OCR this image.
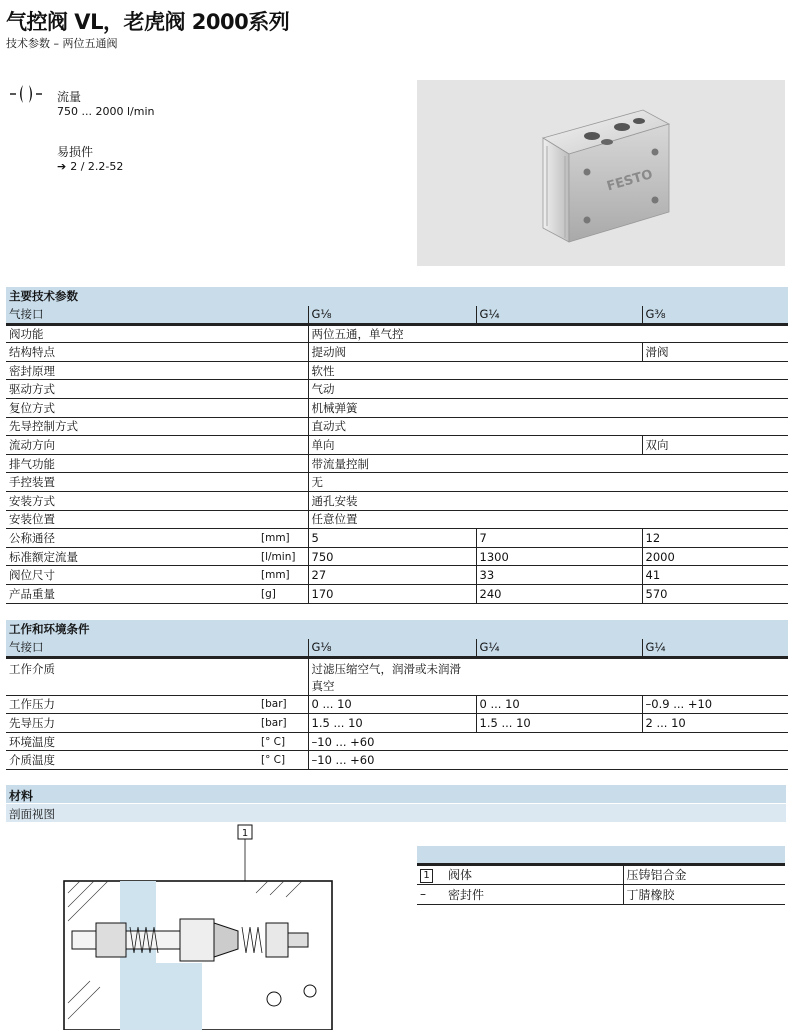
气控阀 VL，老虎阀 2000系列
技术参数 – 两位五通阀
流量
750 ... 2000 l/min
易损件
➔ 2 / 2.2-52
FESTO
主要技术参数				
气接口		G⅛	G¼	G⅜
阀功能		两位五通，单气控		
结构特点		提动阀		滑阀
密封原理		软性		
驱动方式		气动		
复位方式		机械弹簧		
先导控制方式		直动式		
流动方向		单向		双向
排气功能		带流量控制		
手控装置		无		
安装方式		通孔安装		
安装位置		任意位置		
公称通径	[mm]	5	7	12
标准额定流量	[l/min]	750	1300	2000
阀位尺寸	[mm]	27	33	41
产品重量	[g]	170	240	570
工作和环境条件				
气接口		G⅛	G¼	G¼
工作介质		过滤压缩空气，润滑或未润滑
真空		

工作压力	[bar]	0 ... 10	0 ... 10	–0.9 ... +10
先导压力	[bar]	1.5 ... 10	1.5 ... 10	2 ... 10
环境温度	[° C]	–10 ... +60		
介质温度	[° C]	–10 ... +60		
材料
剖面视图
1

1	阀体	压铸铝合金
–	密封件	丁腈橡胶
